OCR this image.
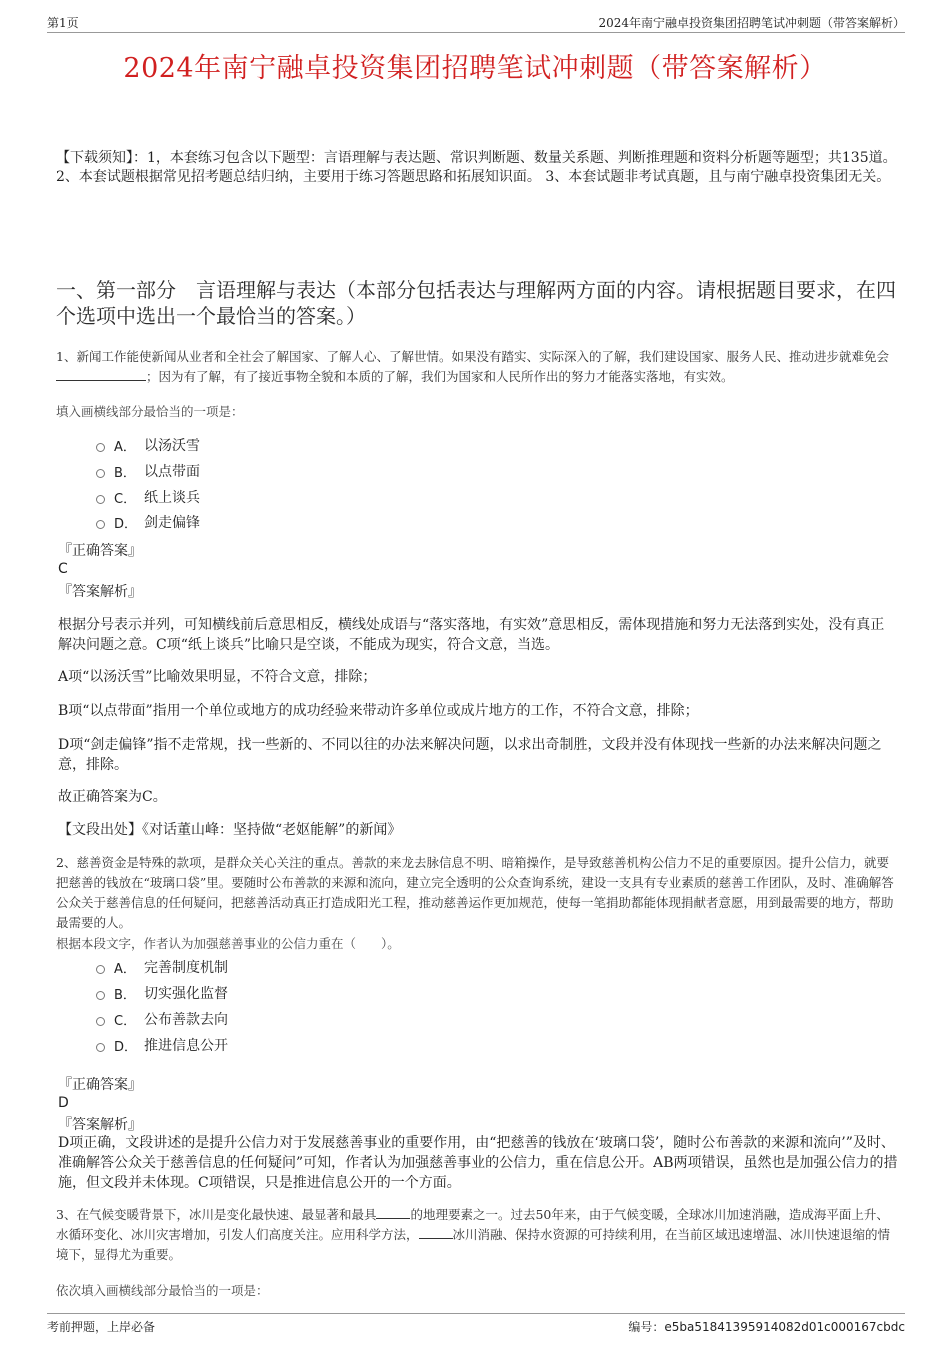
第1页	2024年南宁融卓投资集团招聘笔试冲刺题（带答案解析）
2024年南宁融卓投资集团招聘笔试冲刺题（带答案解析）
【下载须知】：1，本套练习包含以下题型：言语理解与表达题、常识判断题、数量关系题、判断推理题和资料分析题等题型；共135道。 2、本套试题根据常见招考题总结归纳，主要用于练习答题思路和拓展知识面。 3、本套试题非考试真题，且与南宁融卓投资集团无关。
一、第一部分　言语理解与表达（本部分包括表达与理解两方面的内容。请根据题目要求，在四个选项中选出一个最恰当的答案。）
1、新闻工作能使新闻从业者和全社会了解国家、了解人心、了解世情。如果没有踏实、实际深入的了解，我们建设国家、服务人民、推动进步就难免会；因为有了解，有了接近事物全貌和本质的了解，我们为国家和人民所作出的努力才能落实落地，有实效。
填入画横线部分最恰当的一项是：
A． 以汤沃雪
B． 以点带面
C． 纸上谈兵
D． 剑走偏锋
『正确答案』
C
『答案解析』
根据分号表示并列，可知横线前后意思相反，横线处成语与“落实落地，有实效”意思相反，需体现措施和努力无法落到实处，没有真正解决问题之意。C项“纸上谈兵”比喻只是空谈，不能成为现实，符合文意，当选。
A项“以汤沃雪”比喻效果明显，不符合文意，排除；
B项“以点带面”指用一个单位或地方的成功经验来带动许多单位或成片地方的工作，不符合文意，排除；
D项“剑走偏锋”指不走常规，找一些新的、不同以往的办法来解决问题，以求出奇制胜，文段并没有体现找一些新的办法来解决问题之意，排除。
故正确答案为C。
【文段出处】《对话董山峰：坚持做“老妪能解”的新闻》
2、慈善资金是特殊的款项，是群众关心关注的重点。善款的来龙去脉信息不明、暗箱操作，是导致慈善机构公信力不足的重要原因。提升公信力，就要把慈善的钱放在“玻璃口袋”里。要随时公布善款的来源和流向，建立完全透明的公众查询系统，建设一支具有专业素质的慈善工作团队，及时、准确解答公众关于慈善信息的任何疑问，把慈善活动真正打造成阳光工程，推动慈善运作更加规范，使每一笔捐助都能体现捐献者意愿，用到最需要的地方，帮助最需要的人。
根据本段文字，作者认为加强慈善事业的公信力重在（　　）。
A． 完善制度机制
B． 切实强化监督
C． 公布善款去向
D． 推进信息公开
『正确答案』
D
『答案解析』
D项正确，文段讲述的是提升公信力对于发展慈善事业的重要作用，由“把慈善的钱放在‘玻璃口袋’，随时公布善款的来源和流向’”及时、准确解答公众关于慈善信息的任何疑问”可知，作者认为加强慈善事业的公信力，重在信息公开。AB两项错误，虽然也是加强公信力的措施，但文段并未体现。C项错误，只是推进信息公开的一个方面。
3、在气候变暖背景下，冰川是变化最快速、最显著和最具	的地理要素之一。过去50年来，由于气候变暖，全球冰川加速消融，造成海平面上升、水循环变化、冰川灾害增加，引发人们高度关注。应用科学方法，	冰川消融、保持水资源的可持续利用，在当前区域迅速增温、冰川快速退缩的情境下，显得尤为重要。
依次填入画横线部分最恰当的一项是：
考前押题，上岸必备	编号：e5ba51841395914082d01c000167cbdc
